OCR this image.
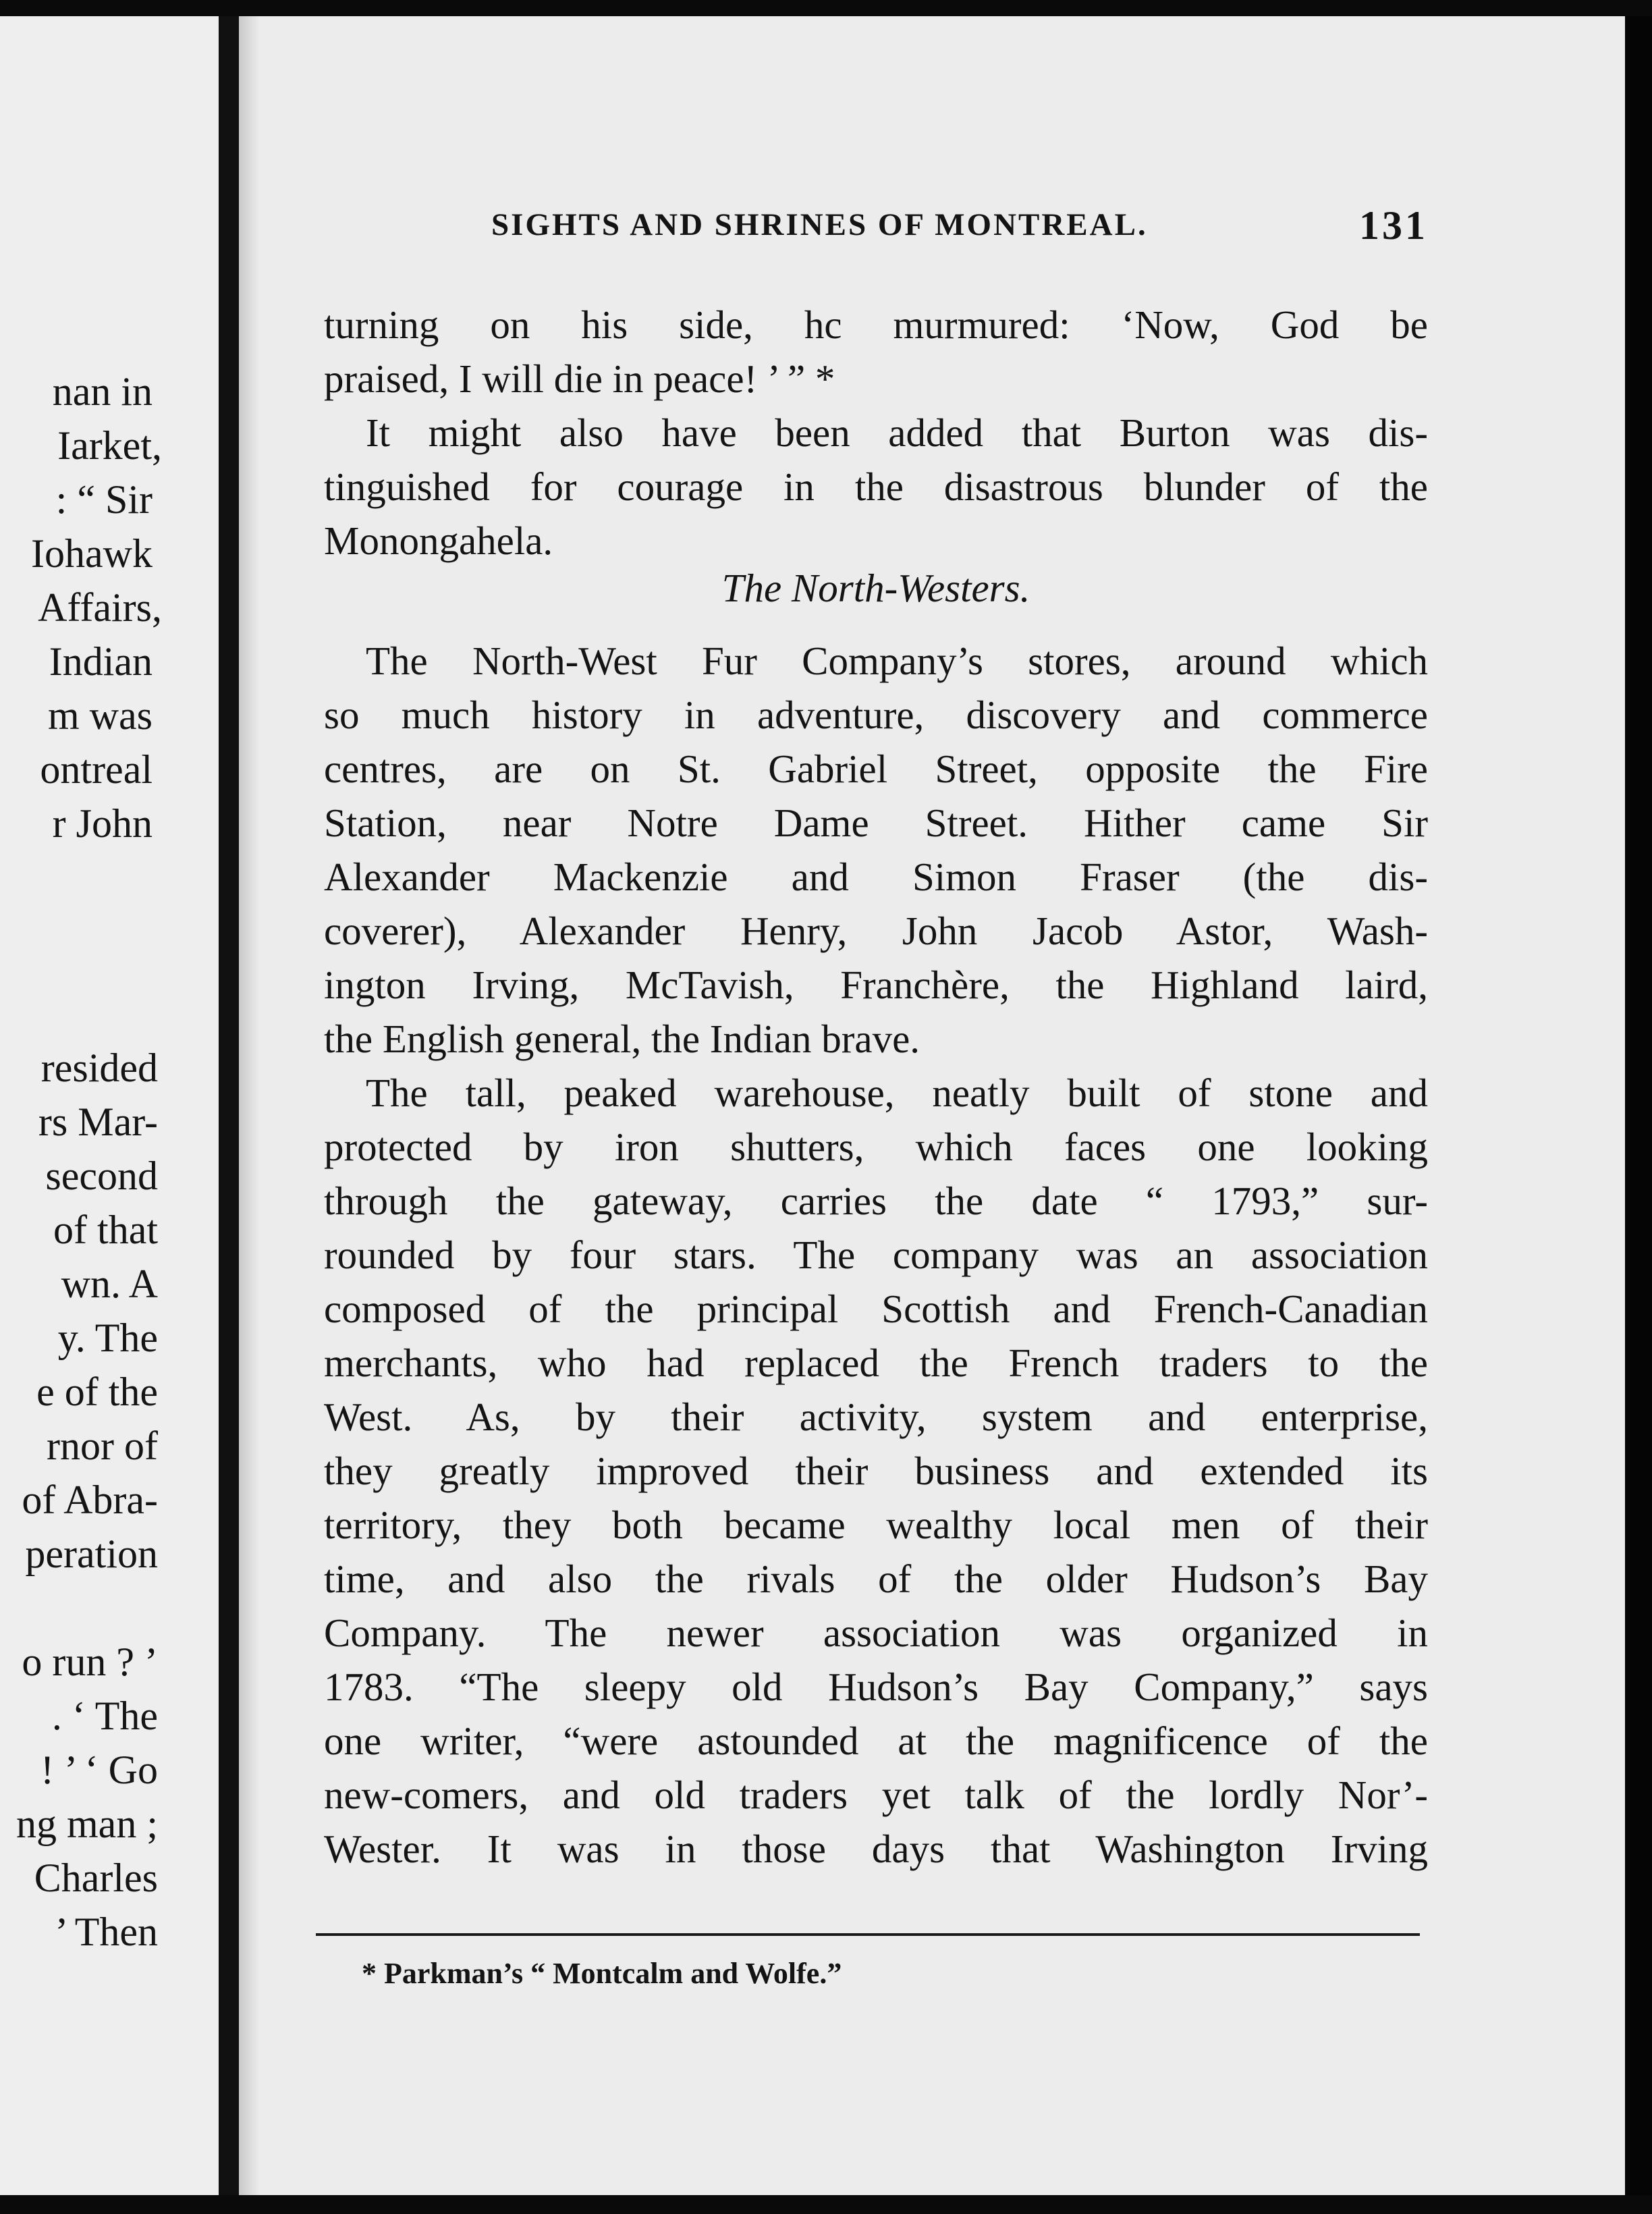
nan in
Iarket,
: “ Sir
Iohawk
Affairs,
Indian
m was
ontreal
r John
resided
rs Mar-
second
of that
wn. A
y. The
e of the
rnor of
of Abra-
peration
o run ? ’
. ‘ The
! ’ ‘ Go
ng man ;
Charles
’ Then
SIGHTS AND SHRINES OF MONTREAL.	131
turning on his side, hc murmured: ‘Now, God be
praised, I will die in peace! ’ ” *
It might also have been added that Burton was dis-
tinguished for courage in the disastrous blunder of the
Monongahela.
The North-Westers.
The North-West Fur Company’s stores, around which
so much history in adventure, discovery and commerce
centres, are on St. Gabriel Street, opposite the Fire
Station, near Notre Dame Street. Hither came Sir
Alexander Mackenzie and Simon Fraser (the dis-
coverer), Alexander Henry, John Jacob Astor, Wash-
ington Irving, McTavish, Franchère, the Highland laird,
the English general, the Indian brave.
The tall, peaked warehouse, neatly built of stone and
protected by iron shutters, which faces one looking
through the gateway, carries the date “ 1793,” sur-
rounded by four stars. The company was an association
composed of the principal Scottish and French-Canadian
merchants, who had replaced the French traders to the
West. As, by their activity, system and enterprise,
they greatly improved their business and extended its
territory, they both became wealthy local men of their
time, and also the rivals of the older Hudson’s Bay
Company. The newer association was organized in
1783. “The sleepy old Hudson’s Bay Company,” says
one writer, “were astounded at the magnificence of the
new-comers, and old traders yet talk of the lordly Nor’-
Wester. It was in those days that Washington Irving
* Parkman’s “ Montcalm and Wolfe.”
